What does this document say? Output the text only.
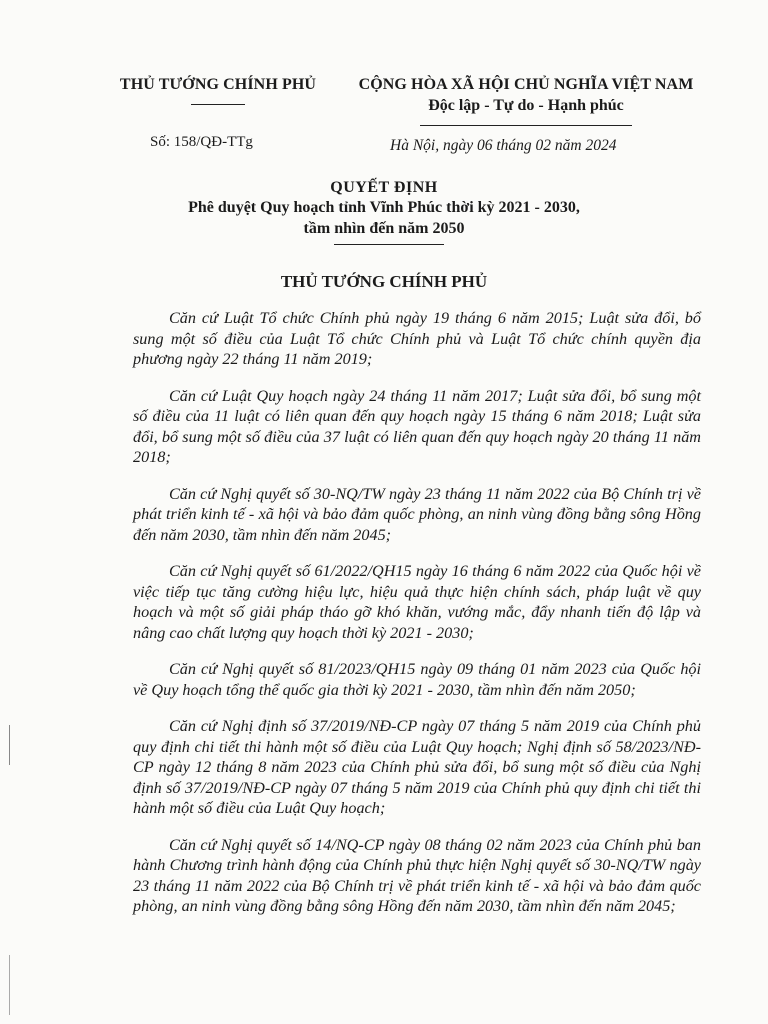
THỦ TƯỚNG CHÍNH PHỦ	CỘNG HÒA XÃ HỘI CHỦ NGHĨA VIỆT NAM
Độc lập - Tự do - Hạnh phúc
Số: 158/QĐ-TTg	Hà Nội, ngày 06 tháng 02 năm 2024
QUYẾT ĐỊNH
Phê duyệt Quy hoạch tỉnh Vĩnh Phúc thời kỳ 2021 - 2030,
tầm nhìn đến năm 2050
THỦ TƯỚNG CHÍNH PHỦ

Căn cứ Luật Tổ chức Chính phủ ngày 19 tháng 6 năm 2015; Luật sửa đổi, bổ sung một số điều của Luật Tổ chức Chính phủ và Luật Tổ chức chính quyền địa phương ngày 22 tháng 11 năm 2019;

Căn cứ Luật Quy hoạch ngày 24 tháng 11 năm 2017; Luật sửa đổi, bổ sung một số điều của 11 luật có liên quan đến quy hoạch ngày 15 tháng 6 năm 2018; Luật sửa đổi, bổ sung một số điều của 37 luật có liên quan đến quy hoạch ngày 20 tháng 11 năm 2018;

Căn cứ Nghị quyết số 30-NQ/TW ngày 23 tháng 11 năm 2022 của Bộ Chính trị về phát triển kinh tế - xã hội và bảo đảm quốc phòng, an ninh vùng đồng bằng sông Hồng đến năm 2030, tầm nhìn đến năm 2045;

Căn cứ Nghị quyết số 61/2022/QH15 ngày 16 tháng 6 năm 2022 của Quốc hội về việc tiếp tục tăng cường hiệu lực, hiệu quả thực hiện chính sách, pháp luật về quy hoạch và một số giải pháp tháo gỡ khó khăn, vướng mắc, đẩy nhanh tiến độ lập và nâng cao chất lượng quy hoạch thời kỳ 2021 - 2030;

Căn cứ Nghị quyết số 81/2023/QH15 ngày 09 tháng 01 năm 2023 của Quốc hội về Quy hoạch tổng thể quốc gia thời kỳ 2021 - 2030, tầm nhìn đến năm 2050;

Căn cứ Nghị định số 37/2019/NĐ-CP ngày 07 tháng 5 năm 2019 của Chính phủ quy định chi tiết thi hành một số điều của Luật Quy hoạch; Nghị định số 58/2023/NĐ-CP ngày 12 tháng 8 năm 2023 của Chính phủ sửa đổi, bổ sung một số điều của Nghị định số 37/2019/NĐ-CP ngày 07 tháng 5 năm 2019 của Chính phủ quy định chi tiết thi hành một số điều của Luật Quy hoạch;

Căn cứ Nghị quyết số 14/NQ-CP ngày 08 tháng 02 năm 2023 của Chính phủ ban hành Chương trình hành động của Chính phủ thực hiện Nghị quyết số 30-NQ/TW ngày 23 tháng 11 năm 2022 của Bộ Chính trị về phát triển kinh tế - xã hội và bảo đảm quốc phòng, an ninh vùng đồng bằng sông Hồng đến năm 2030, tầm nhìn đến năm 2045;
